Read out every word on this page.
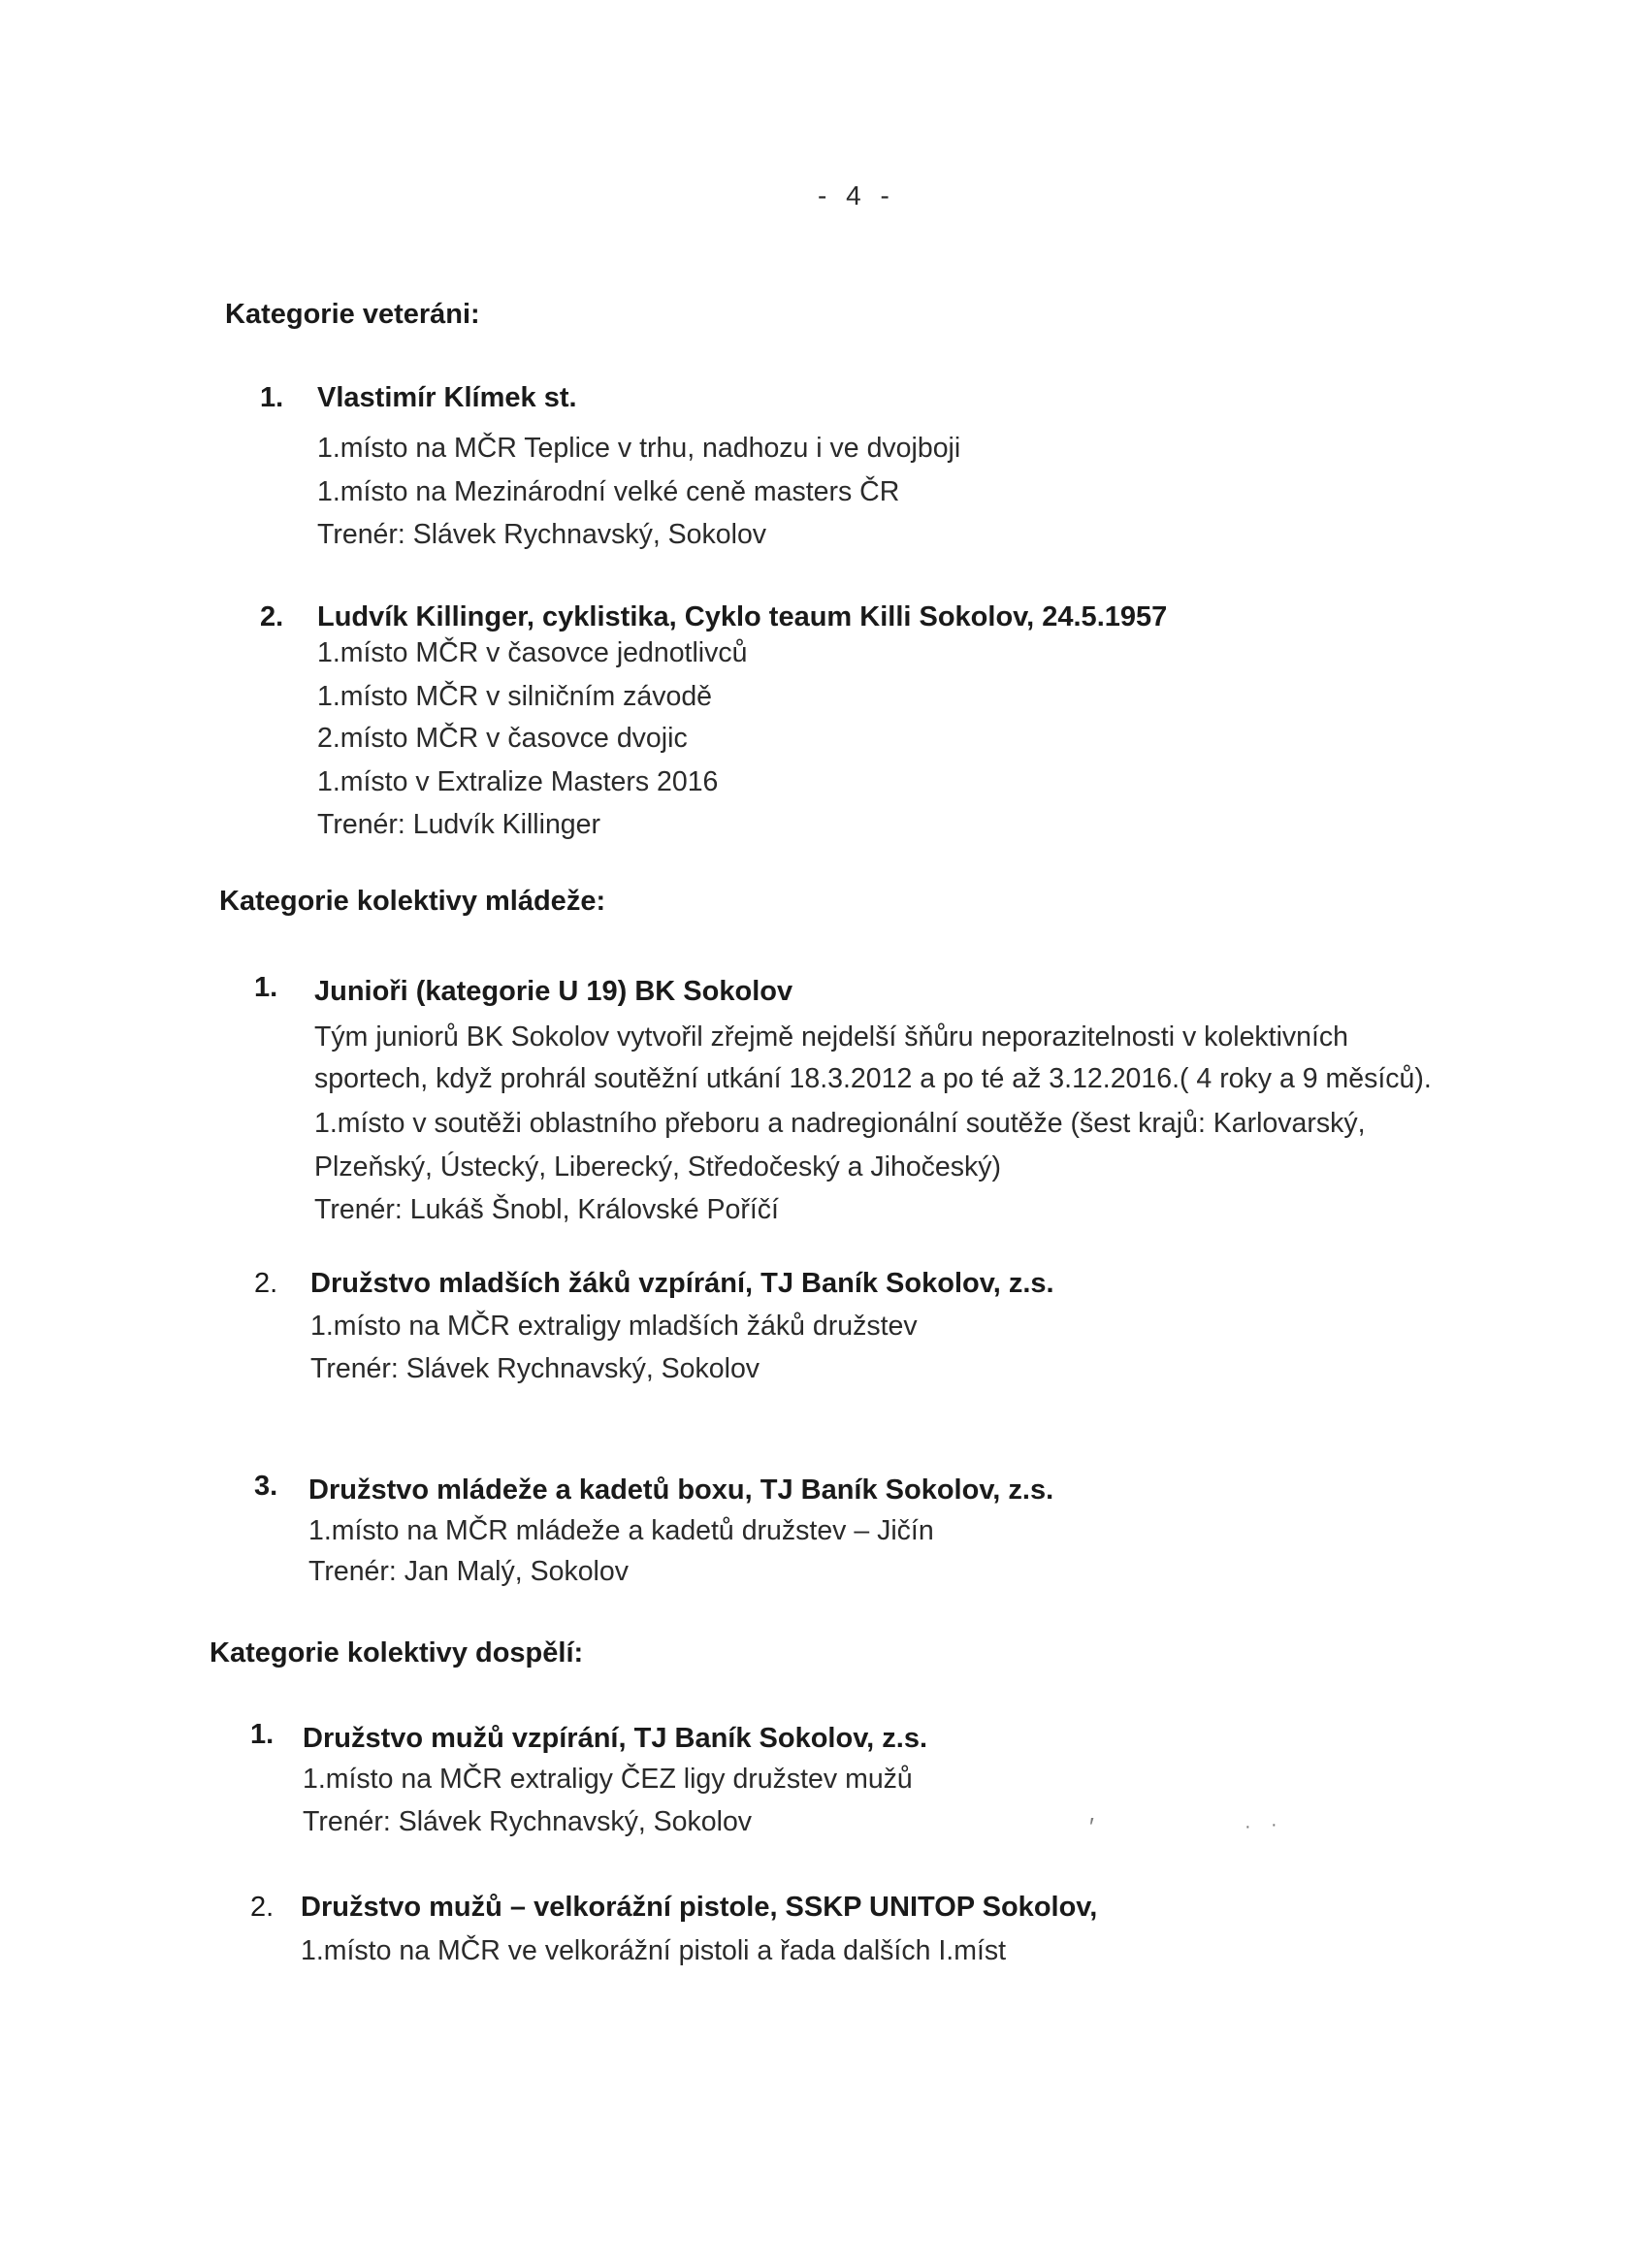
- 4 -
Kategorie veteráni:
1. Vlastimír Klímek st.
1.místo na MČR Teplice v trhu, nadhozu i ve dvojboji
1.místo na Mezinárodní velké ceně masters ČR
Trenér: Slávek Rychnavský, Sokolov
2. Ludvík Killinger, cyklistika, Cyklo teaum Killi Sokolov, 24.5.1957
1.místo MČR v časovce jednotlivců
1.místo MČR v silničním závodě
2.místo MČR v časovce dvojic
1.místo v Extralize Masters 2016
Trenér: Ludvík Killinger
Kategorie kolektivy mládeže:
1. Junioři (kategorie U 19) BK Sokolov
Tým juniorů BK Sokolov vytvořil zřejmě nejdelší šňůru neporazitelnosti v kolektivních
sportech, když prohrál soutěžní utkání 18.3.2012 a po té až 3.12.2016.( 4 roky a 9 měsíců).
1.místo v soutěži oblastního přeboru a nadregionální soutěže (šest krajů: Karlovarský,
Plzeňský, Ústecký, Liberecký, Středočeský a Jihočeský)
Trenér: Lukáš Šnobl, Královské Poříčí
2. Družstvo mladších žáků vzpírání, TJ Baník Sokolov, z.s.
1.místo na MČR extraligy mladších žáků družstev
Trenér: Slávek Rychnavský, Sokolov
3. Družstvo mládeže a kadetů boxu, TJ Baník Sokolov, z.s.
1.místo na MČR mládeže a kadetů družstev – Jičín
Trenér: Jan Malý, Sokolov
Kategorie kolektivy dospělí:
1. Družstvo mužů vzpírání, TJ Baník Sokolov, z.s.
1.místo na MČR extraligy ČEZ ligy družstev mužů
Trenér: Slávek Rychnavský, Sokolov
2. Družstvo mužů – velkorážní pistole, SSKP UNITOP Sokolov,
1.místo na MČR ve velkorážní pistoli a řada dalších I.míst
′	· ·
